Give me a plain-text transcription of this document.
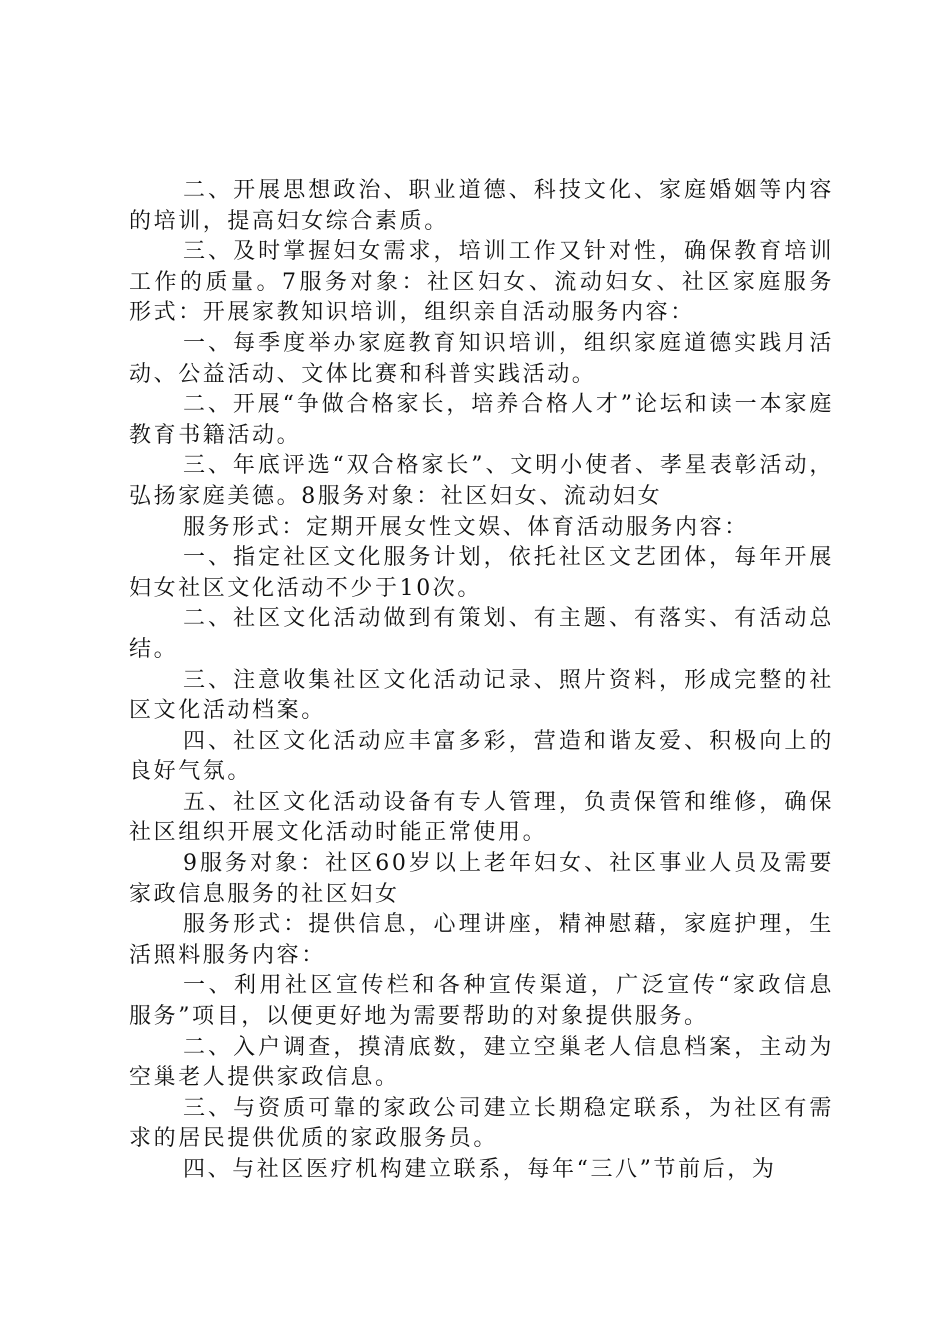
二、开展思想政治、职业道德、科技文化、家庭婚姻等内容的培训，提高妇女综合素质。

三、及时掌握妇女需求，培训工作又针对性，确保教育培训工作的质量。7服务对象：社区妇女、流动妇女、社区家庭服务形式：开展家教知识培训，组织亲自活动服务内容：

一、每季度举办家庭教育知识培训，组织家庭道德实践月活动、公益活动、文体比赛和科普实践活动。

二、开展“争做合格家长，培养合格人才”论坛和读一本家庭教育书籍活动。

三、年底评选“双合格家长”、文明小使者、孝星表彰活动，弘扬家庭美德。8服务对象：社区妇女、流动妇女

服务形式：定期开展女性文娱、体育活动服务内容：

一、指定社区文化服务计划，依托社区文艺团体，每年开展妇女社区文化活动不少于10次。

二、社区文化活动做到有策划、有主题、有落实、有活动总结。

三、注意收集社区文化活动记录、照片资料，形成完整的社区文化活动档案。

四、社区文化活动应丰富多彩，营造和谐友爱、积极向上的良好气氛。

五、社区文化活动设备有专人管理，负责保管和维修，确保社区组织开展文化活动时能正常使用。

9服务对象：社区60岁以上老年妇女、社区事业人员及需要家政信息服务的社区妇女

服务形式：提供信息，心理讲座，精神慰藉，家庭护理，生活照料服务内容：

一、利用社区宣传栏和各种宣传渠道，广泛宣传“家政信息服务”项目，以便更好地为需要帮助的对象提供服务。

二、入户调查，摸清底数，建立空巢老人信息档案，主动为空巢老人提供家政信息。

三、与资质可靠的家政公司建立长期稳定联系，为社区有需求的居民提供优质的家政服务员。

四、与社区医疗机构建立联系，每年“三八”节前后，为
